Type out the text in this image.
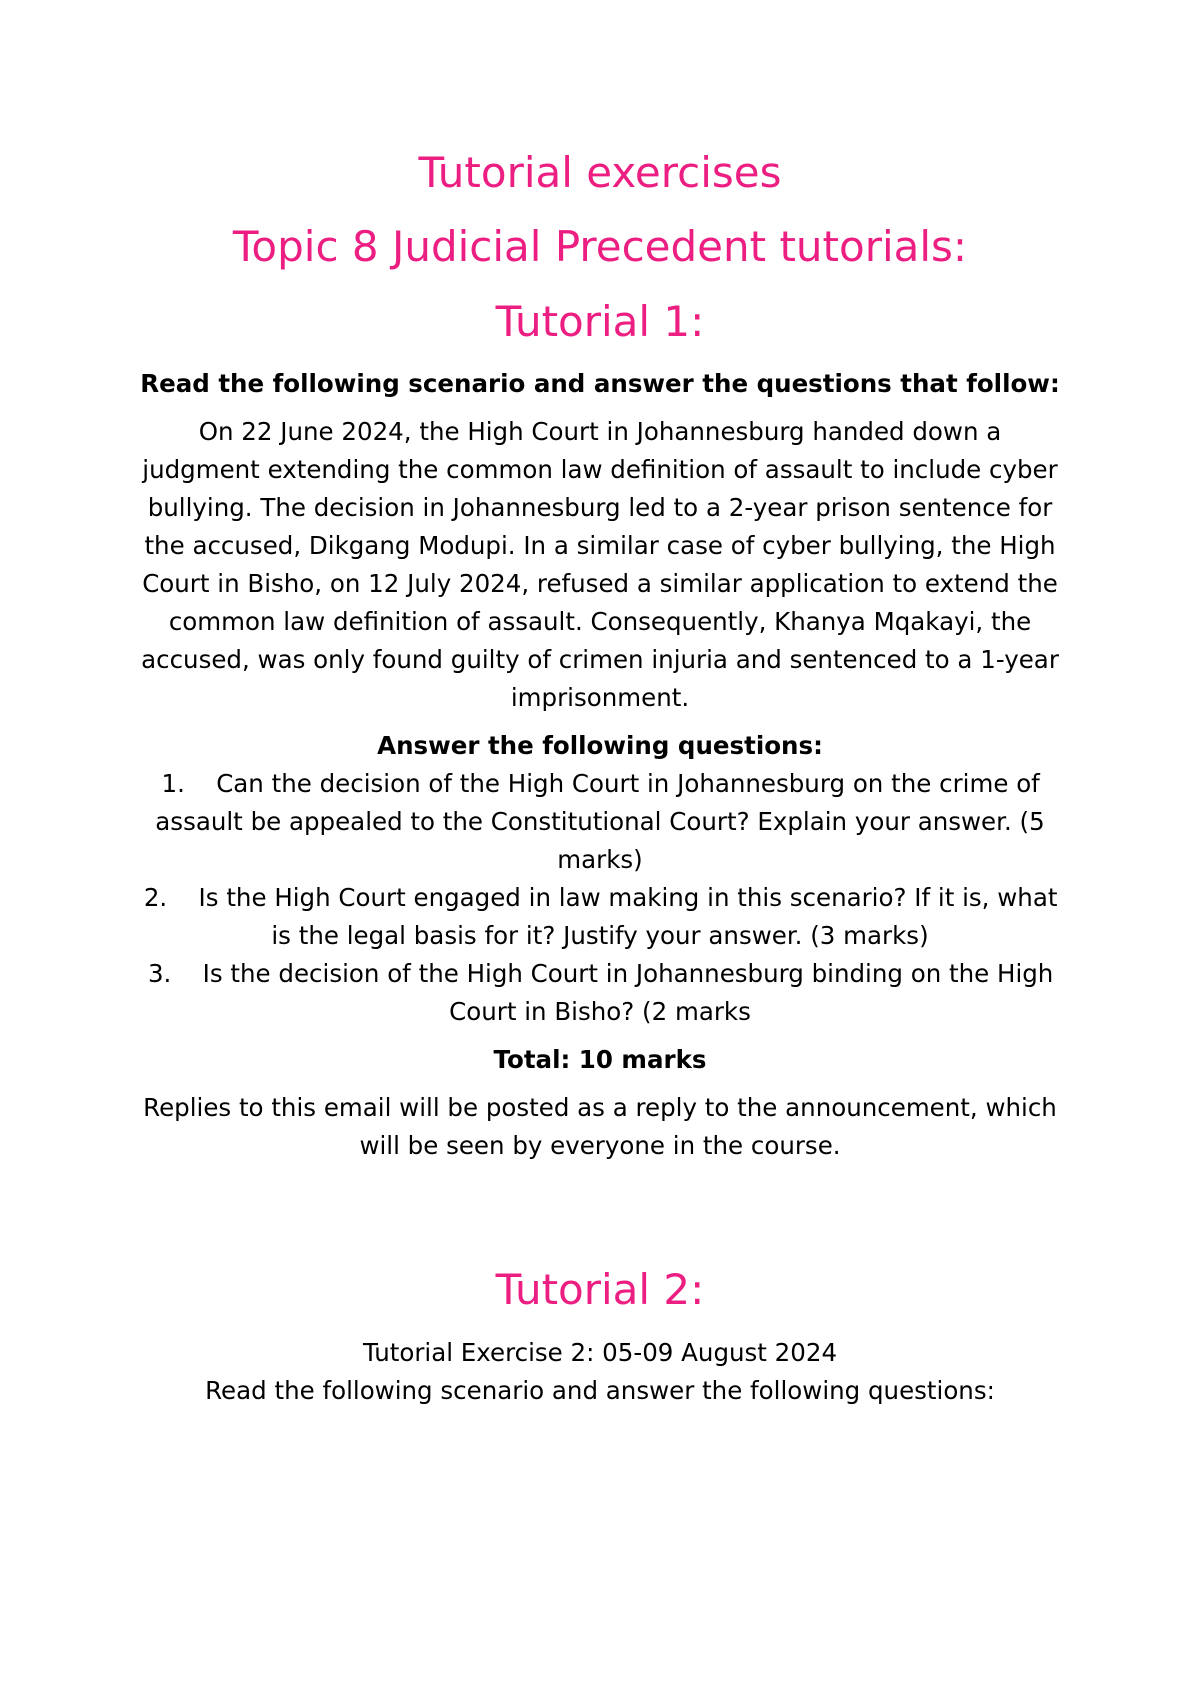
Tutorial exercises
Topic 8 Judicial Precedent tutorials:
Tutorial 1:

Read the following scenario and answer the questions that follow:

On 22 June 2024, the High Court in Johannesburg handed down a judgment extending the common law definition of assault to include cyber bullying. The decision in Johannesburg led to a 2-year prison sentence for the accused, Dikgang Modupi. In a similar case of cyber bullying, the High Court in Bisho, on 12 July 2024, refused a similar application to extend the common law definition of assault. Consequently, Khanya Mqakayi, the accused, was only found guilty of crimen injuria and sentenced to a 1-year imprisonment.

Answer the following questions:

1. Can the decision of the High Court in Johannesburg on the crime of assault be appealed to the Constitutional Court? Explain your answer. (5 marks)
2. Is the High Court engaged in law making in this scenario? If it is, what is the legal basis for it? Justify your answer. (3 marks)
3. Is the decision of the High Court in Johannesburg binding on the High Court in Bisho? (2 marks

Total: 10 marks

Replies to this email will be posted as a reply to the announcement, which will be seen by everyone in the course.

Tutorial 2:

Tutorial Exercise 2: 05-09 August 2024

Read the following scenario and answer the following questions:
